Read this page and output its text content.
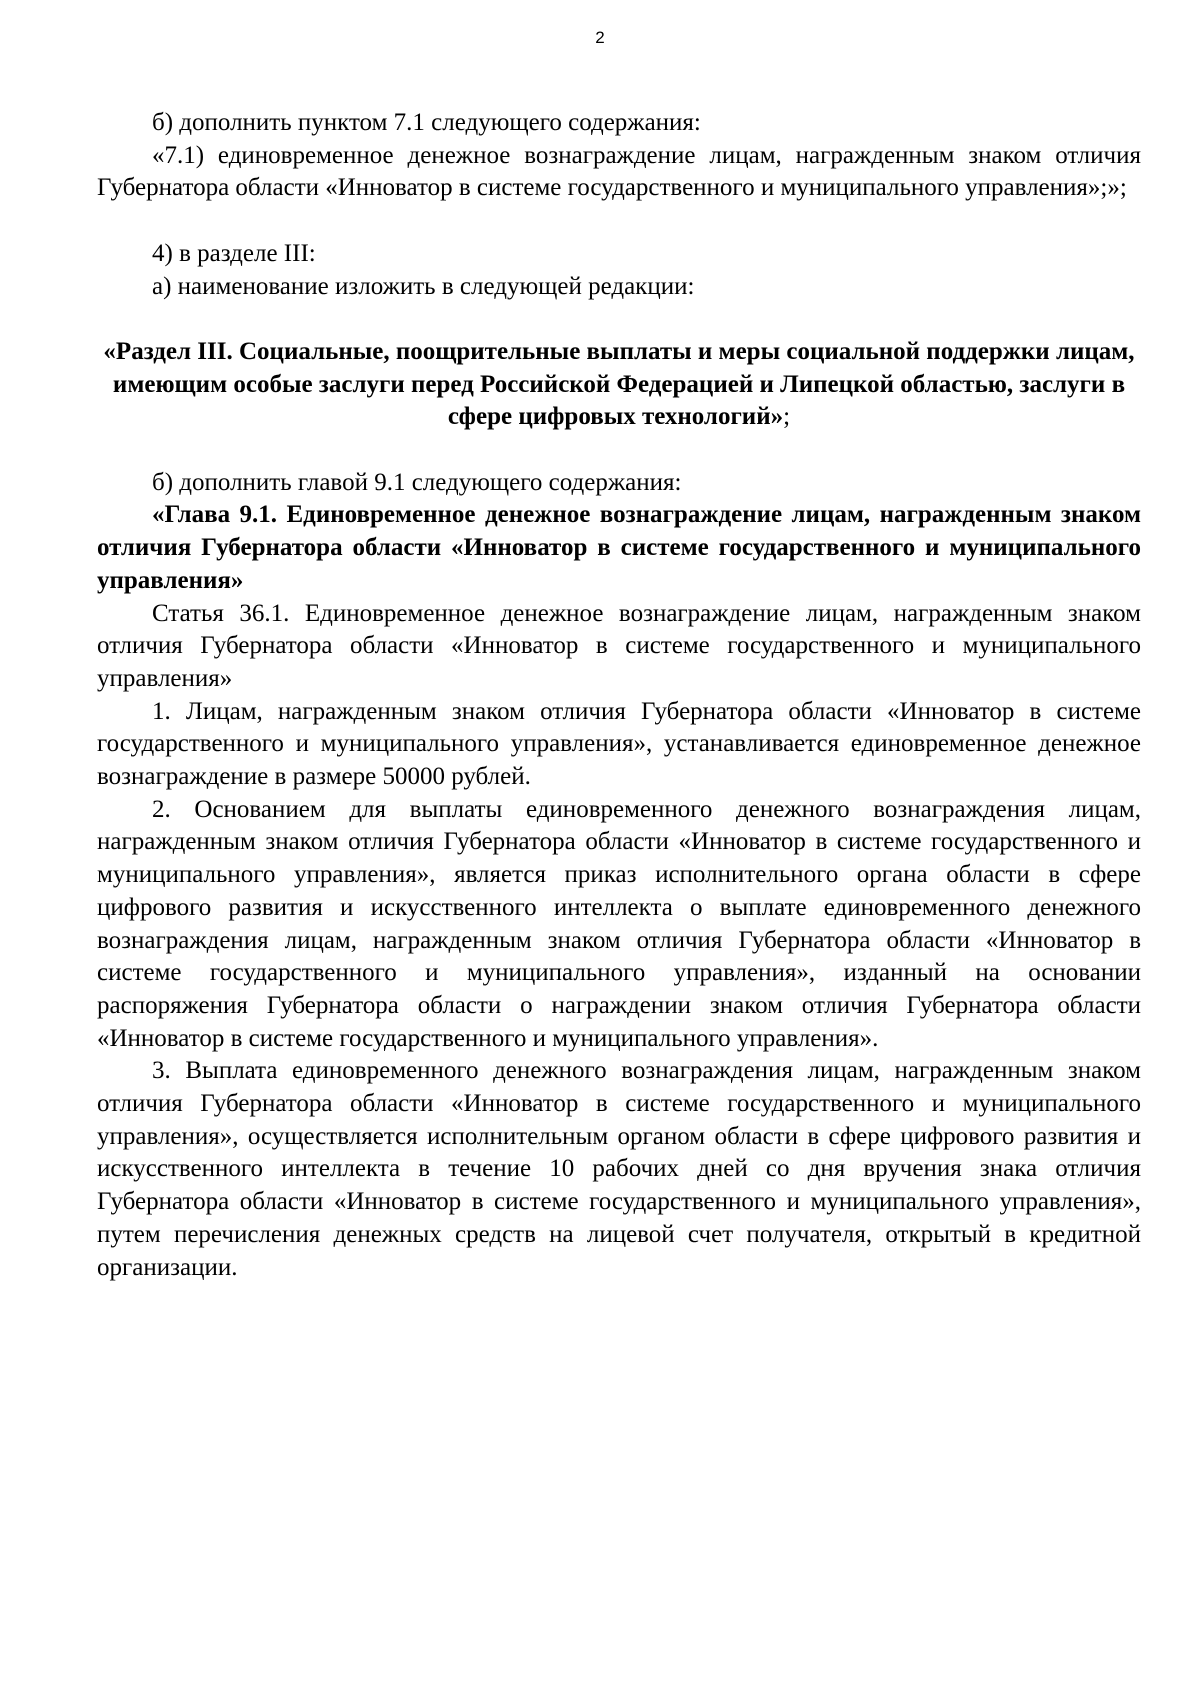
2

б) дополнить пунктом 7.1 следующего содержания:

«7.1) единовременное денежное вознаграждение лицам, награжденным знаком отличия Губернатора области «Инноватор в системе государственного и муниципального управления»;»;

4) в разделе III:

а) наименование изложить в следующей редакции:

«Раздел III. Социальные, поощрительные выплаты и меры социальной поддержки лицам, имеющим особые заслуги перед Российской Федерацией и Липецкой областью, заслуги в сфере цифровых технологий»;

б) дополнить главой 9.1 следующего содержания:

«Глава 9.1. Единовременное денежное вознаграждение лицам, награжденным знаком отличия Губернатора области «Инноватор в системе государственного и муниципального управления»

Статья 36.1. Единовременное денежное вознаграждение лицам, награжденным знаком отличия Губернатора области «Инноватор в системе государственного и муниципального управления»

1. Лицам, награжденным знаком отличия Губернатора области «Инноватор в системе государственного и муниципального управления», устанавливается единовременное денежное вознаграждение в размере 50000 рублей.

2. Основанием для выплаты единовременного денежного вознаграждения лицам, награжденным знаком отличия Губернатора области «Инноватор в системе государственного и муниципального управления», является приказ исполнительного органа области в сфере цифрового развития и искусственного интеллекта о выплате единовременного денежного вознаграждения лицам, награжденным знаком отличия Губернатора области «Инноватор в системе государственного и муниципального управления», изданный на основании распоряжения Губернатора области о награждении знаком отличия Губернатора области «Инноватор в системе государственного и муниципального управления».

3. Выплата единовременного денежного вознаграждения лицам, награжденным знаком отличия Губернатора области «Инноватор в системе государственного и муниципального управления», осуществляется исполнительным органом области в сфере цифрового развития и искусственного интеллекта в течение 10 рабочих дней со дня вручения знака отличия Губернатора области «Инноватор в системе государственного и муниципального управления», путем перечисления денежных средств на лицевой счет получателя, открытый в кредитной организации.
